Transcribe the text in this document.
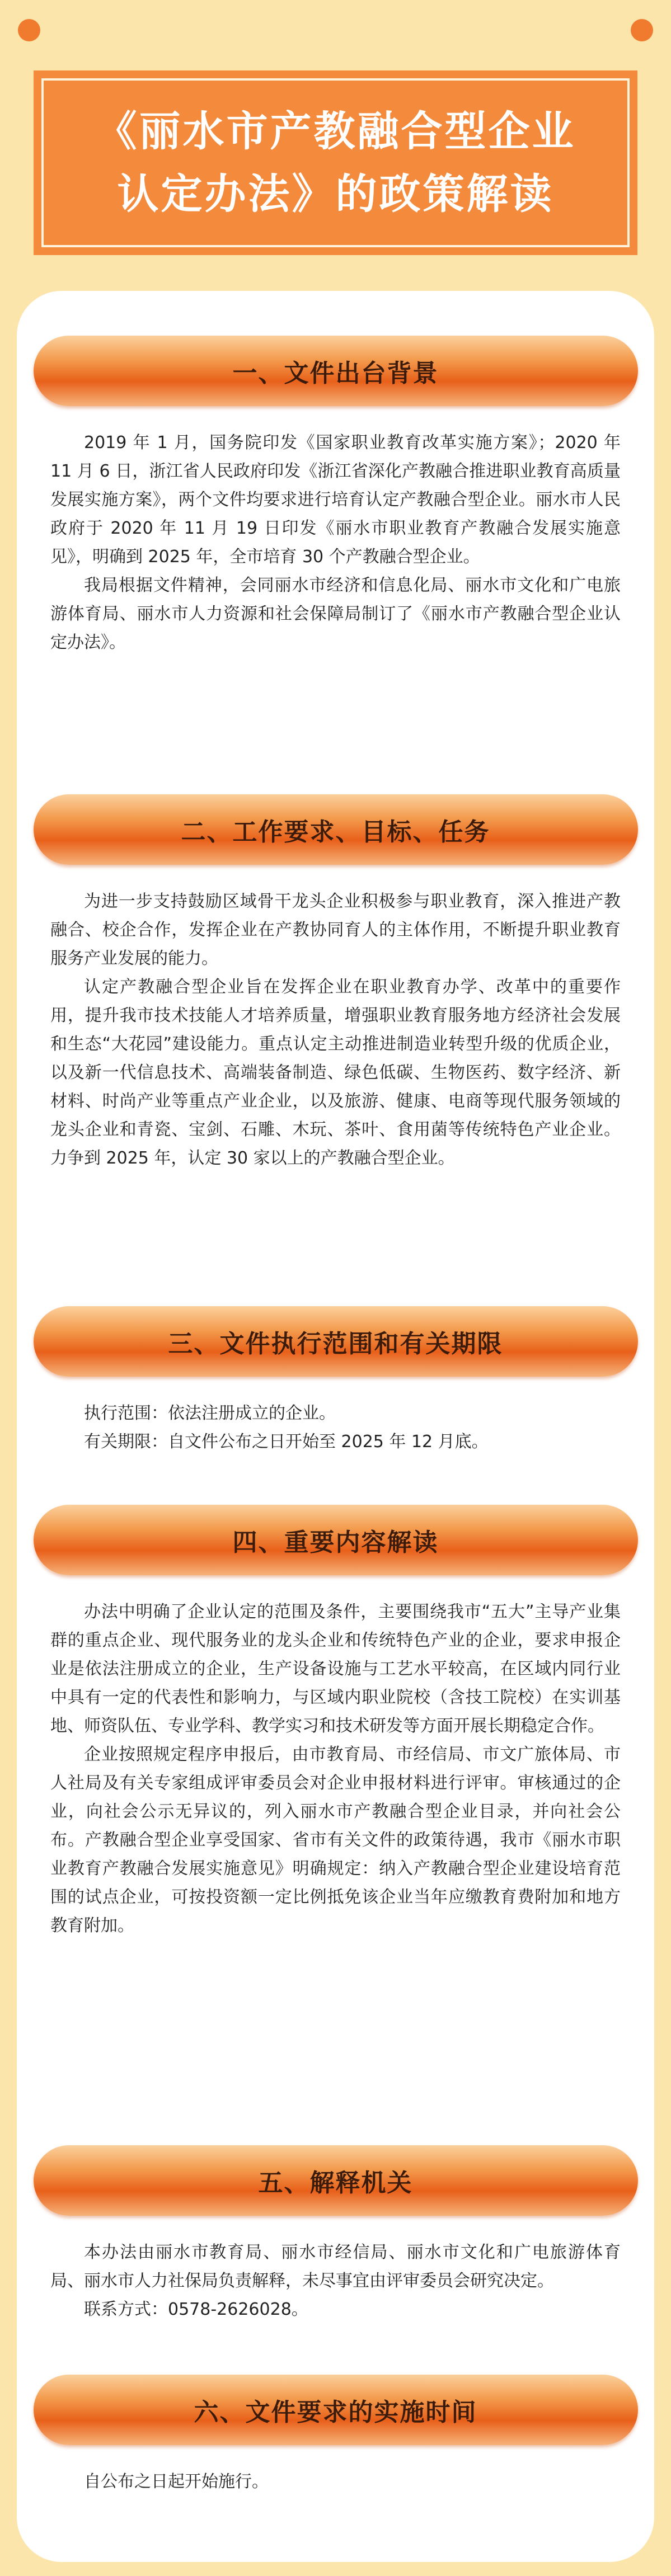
《丽水市产教融合型企业
认定办法》的政策解读
一、文件出台背景

2019 年 1 月，国务院印发《国家职业教育改革实施方案》；2020 年 11 月 6 日，浙江省人民政府印发《浙江省深化产教融合推进职业教育高质量发展实施方案》，两个文件均要求进行培育认定产教融合型企业。丽水市人民政府于 2020 年 11 月 19 日印发《丽水市职业教育产教融合发展实施意见》，明确到 2025 年，全市培育 30 个产教融合型企业。

我局根据文件精神，会同丽水市经济和信息化局、丽水市文化和广电旅游体育局、丽水市人力资源和社会保障局制订了《丽水市产教融合型企业认定办法》。

二、工作要求、目标、任务

为进一步支持鼓励区域骨干龙头企业积极参与职业教育，深入推进产教融合、校企合作，发挥企业在产教协同育人的主体作用，不断提升职业教育服务产业发展的能力。

认定产教融合型企业旨在发挥企业在职业教育办学、改革中的重要作用，提升我市技术技能人才培养质量，增强职业教育服务地方经济社会发展和生态“大花园”建设能力。重点认定主动推进制造业转型升级的优质企业，以及新一代信息技术、高端装备制造、绿色低碳、生物医药、数字经济、新材料、时尚产业等重点产业企业，以及旅游、健康、电商等现代服务领域的龙头企业和青瓷、宝剑、石雕、木玩、茶叶、食用菌等传统特色产业企业。力争到 2025 年，认定 30 家以上的产教融合型企业。

三、文件执行范围和有关期限

执行范围：依法注册成立的企业。

有关期限：自文件公布之日开始至 2025 年 12 月底。

四、重要内容解读

办法中明确了企业认定的范围及条件，主要围绕我市“五大”主导产业集群的重点企业、现代服务业的龙头企业和传统特色产业的企业，要求申报企业是依法注册成立的企业，生产设备设施与工艺水平较高，在区域内同行业中具有一定的代表性和影响力，与区域内职业院校（含技工院校）在实训基地、师资队伍、专业学科、教学实习和技术研发等方面开展长期稳定合作。

企业按照规定程序申报后，由市教育局、市经信局、市文广旅体局、市人社局及有关专家组成评审委员会对企业申报材料进行评审。审核通过的企业，向社会公示无异议的，列入丽水市产教融合型企业目录，并向社会公布。产教融合型企业享受国家、省市有关文件的政策待遇，我市《丽水市职业教育产教融合发展实施意见》明确规定：纳入产教融合型企业建设培育范围的试点企业，可按投资额一定比例抵免该企业当年应缴教育费附加和地方教育附加。

五、解释机关

本办法由丽水市教育局、丽水市经信局、丽水市文化和广电旅游体育局、丽水市人力社保局负责解释，未尽事宜由评审委员会研究决定。

联系方式：0578-2626028。

六、文件要求的实施时间

自公布之日起开始施行。
